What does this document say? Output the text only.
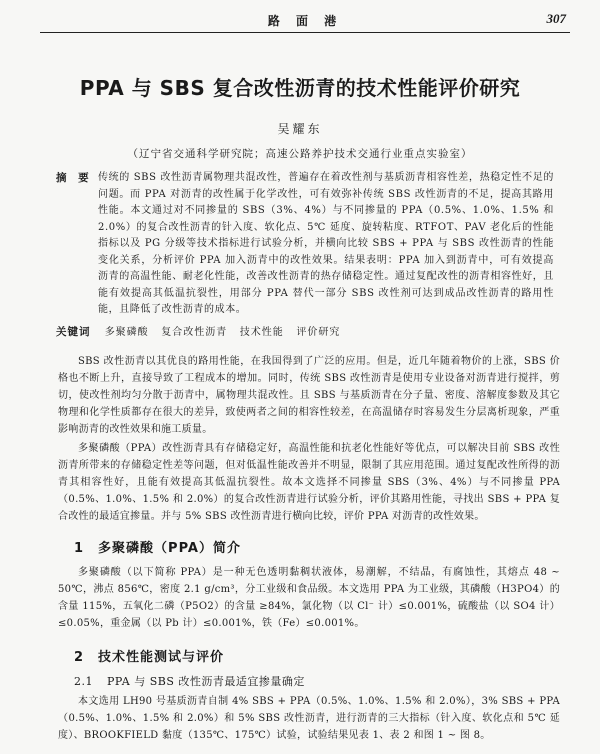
路 面 港	307
PPA 与 SBS 复合改性沥青的技术性能评价研究
吴耀东
（辽宁省交通科学研究院；高速公路养护技术交通行业重点实验室）
摘 要 传统的 SBS 改性沥青属物理共混改性，普遍存在着改性剂与基质沥青相容性差，热稳定性不足的问题。而 PPA 对沥青的改性属于化学改性，可有效弥补传统 SBS 改性沥青的不足，提高其路用性能。本文通过对不同掺量的 SBS（3%、4%）与不同掺量的 PPA（0.5%、1.0%、1.5% 和 2.0%）的复合改性沥青的针入度、软化点、5℃ 延度、旋转粘度、RTFOT、PAV 老化后的性能指标以及 PG 分级等技术指标进行试验分析，并横向比较 SBS + PPA 与 SBS 改性沥青的性能变化关系，分析评价 PPA 加入沥青中的改性效果。结果表明：PPA 加入到沥青中，可有效提高沥青的高温性能、耐老化性能，改善改性沥青的热存储稳定性。通过复配改性的沥青相容性好，且能有效提高其低温抗裂性，用部分 PPA 替代一部分 SBS 改性剂可达到成品改性沥青的路用性能，且降低了改性沥青的成本。
关键词 多聚磷酸 复合改性沥青 技术性能 评价研究
SBS 改性沥青以其优良的路用性能，在我国得到了广泛的应用。但是，近几年随着物价的上涨，SBS 价格也不断上升，直接导致了工程成本的增加。同时，传统 SBS 改性沥青是使用专业设备对沥青进行搅拌，剪切，使改性剂均匀分散于沥青中，属物理共混改性。且 SBS 与基质沥青在分子量、密度、溶解度参数及其它物理和化学性质都存在很大的差异，致使两者之间的相容性较差，在高温储存时容易发生分层离析现象，严重影响沥青的改性效果和施工质量。
多聚磷酸（PPA）改性沥青具有存储稳定好，高温性能和抗老化性能好等优点，可以解决目前 SBS 改性沥青所带来的存储稳定性差等问题，但对低温性能改善并不明显，限制了其应用范围。通过复配改性所得的沥青其相容性好，且能有效提高其低温抗裂性。故本文选择不同掺量 SBS（3%、4%）与不同掺量 PPA（0.5%、1.0%、1.5% 和 2.0%）的复合改性沥青进行试验分析，评价其路用性能，寻找出 SBS + PPA 复合改性的最适宜掺量。并与 5% SBS 改性沥青进行横向比较，评价 PPA 对沥青的改性效果。
1 多聚磷酸（PPA）简介
多聚磷酸（以下简称 PPA）是一种无色透明黏稠状液体，易潮解，不结晶，有腐蚀性，其熔点 48 ~ 50℃，沸点 856℃，密度 2.1 g/cm³，分工业级和食品级。本文选用 PPA 为工业级，其磷酸（H3PO4）的含量 115%，五氧化二磷（P5O2）的含量 ≥84%，氯化物（以 Cl⁻ 计）≤0.001%，硫酸盐（以 SO4 计）≤0.05%，重金属（以 Pb 计）≤0.001%，铁（Fe）≤0.001%。
2 技术性能测试与评价
2.1 PPA 与 SBS 改性沥青最适宜掺量确定
本文选用 LH90 号基质沥青自制 4% SBS + PPA（0.5%、1.0%、1.5% 和 2.0%），3% SBS + PPA（0.5%、1.0%、1.5% 和 2.0%）和 5% SBS 改性沥青，进行沥青的三大指标（针入度、软化点和 5℃ 延度）、BROOKFIELD 黏度（135℃、175℃）试验，试验结果见表 1、表 2 和图 1 ~ 图 8。
